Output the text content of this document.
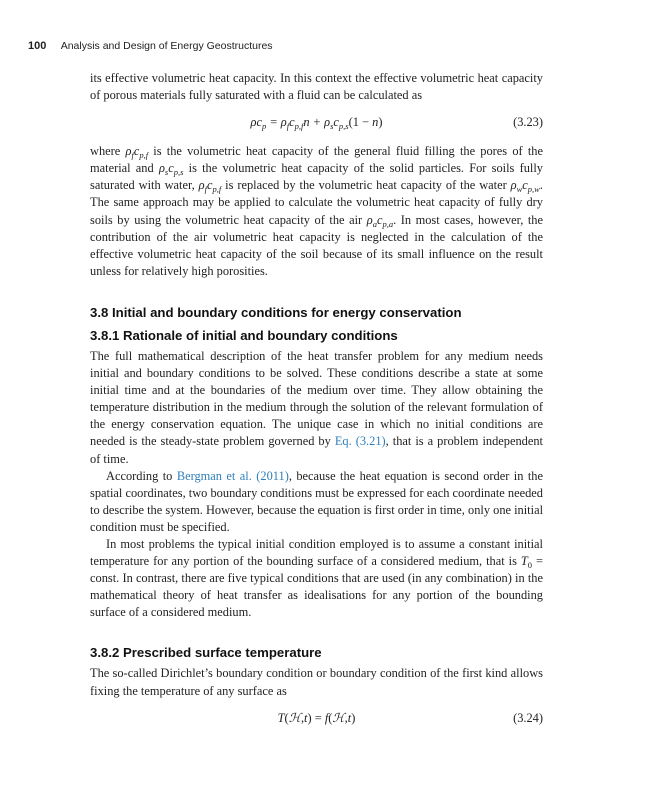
100 Analysis and Design of Energy Geostructures

its effective volumetric heat capacity. In this context the effective volumetric heat capacity of porous materials fully saturated with a fluid can be calculated as

$\rho c_p = \rho_fc_{p,f}n + \rho_sc_{p,s}(1 - n)$	(3.23)

where $\rho_fc_{p,f}$ is the volumetric heat capacity of the general fluid filling the pores of the material and $\rho_sc_{p,s}$ is the volumetric heat capacity of the solid particles. For soils fully saturated with water, $\rho_fc_{p,f}$ is replaced by the volumetric heat capacity of the water $\rho_wc_{p,w}$. The same approach may be applied to calculate the volumetric heat capacity of fully dry soils by using the volumetric heat capacity of the air $\rho_ac_{p,a}$. In most cases, however, the contribution of the air volumetric heat capacity is neglected in the calculation of the effective volumetric heat capacity of the soil because of its small influence on the result unless for relatively high porosities.

3.8 Initial and boundary conditions for energy conservation
3.8.1 Rationale of initial and boundary conditions

The full mathematical description of the heat transfer problem for any medium needs initial and boundary conditions to be solved. These conditions describe a state at some initial time and at the boundaries of the medium over time. They allow obtaining the temperature distribution in the medium through the solution of the relevant formulation of the energy conservation equation. The unique case in which no initial conditions are needed is the steady-state problem governed by Eq. (3.21), that is a problem independent of time.

According to Bergman et al. (2011), because the heat equation is second order in the spatial coordinates, two boundary conditions must be expressed for each coordinate needed to describe the system. However, because the equation is first order in time, only one initial condition must be specified.

In most problems the typical initial condition employed is to assume a constant initial temperature for any portion of the bounding surface of a considered medium, that is $T_0$ = const. In contrast, there are five typical conditions that are used (in any combination) in the mathematical theory of heat transfer as idealisations for any portion of the bounding surface of a considered medium.

3.8.2 Prescribed surface temperature

The so-called Dirichlet’s boundary condition or boundary condition of the first kind allows fixing the temperature of any surface as

T(ℋ,t) = f(ℋ,t)	(3.24)
